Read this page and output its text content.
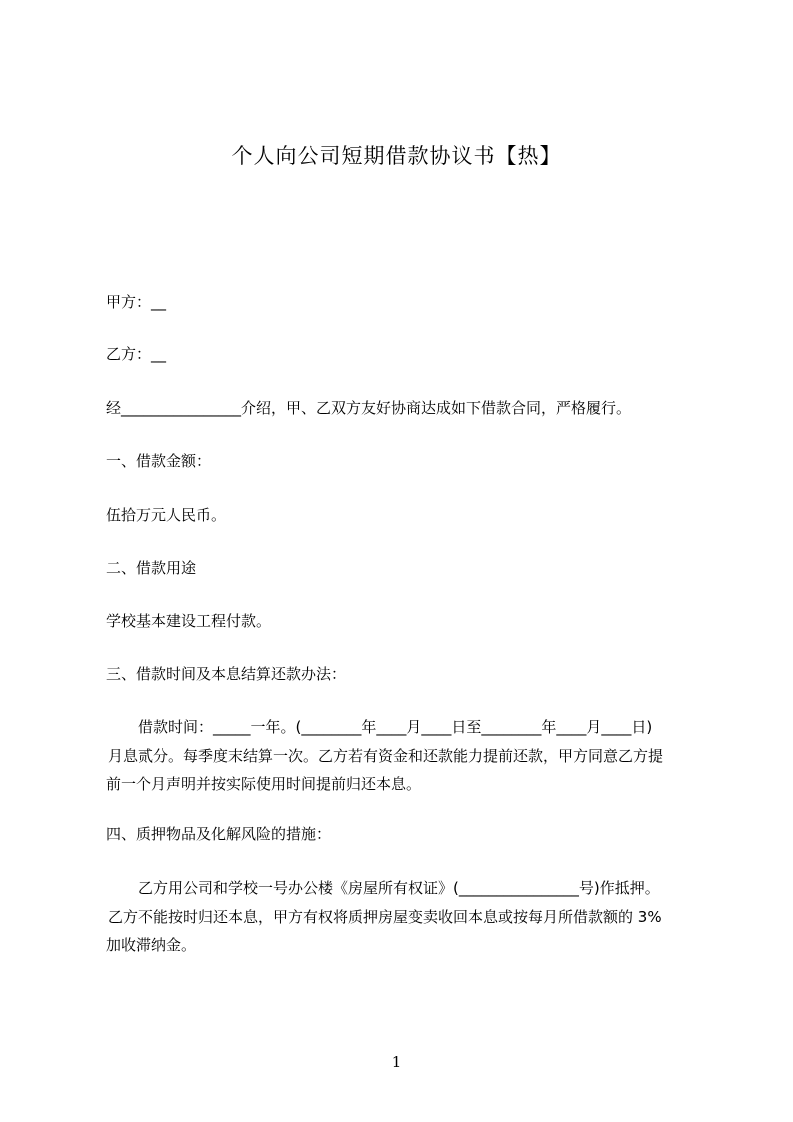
个人向公司短期借款协议书【热】

甲方：__

乙方：__

经________________介绍，甲、乙双方友好协商达成如下借款合同，严格履行。

一、借款金额：

伍拾万元人民币。

二、借款用途

学校基本建设工程付款。

三、借款时间及本息结算还款办法：

借款时间：_____一年。(________年____月____日至________年____月____日)

月息贰分。每季度末结算一次。乙方若有资金和还款能力提前还款，甲方同意乙方提

前一个月声明并按实际使用时间提前归还本息。

四、质押物品及化解风险的措施：

乙方用公司和学校一号办公楼《房屋所有权证》(________________号)作抵押。

乙方不能按时归还本息，甲方有权将质押房屋变卖收回本息或按每月所借款额的 3%

加收滞纳金。

1
